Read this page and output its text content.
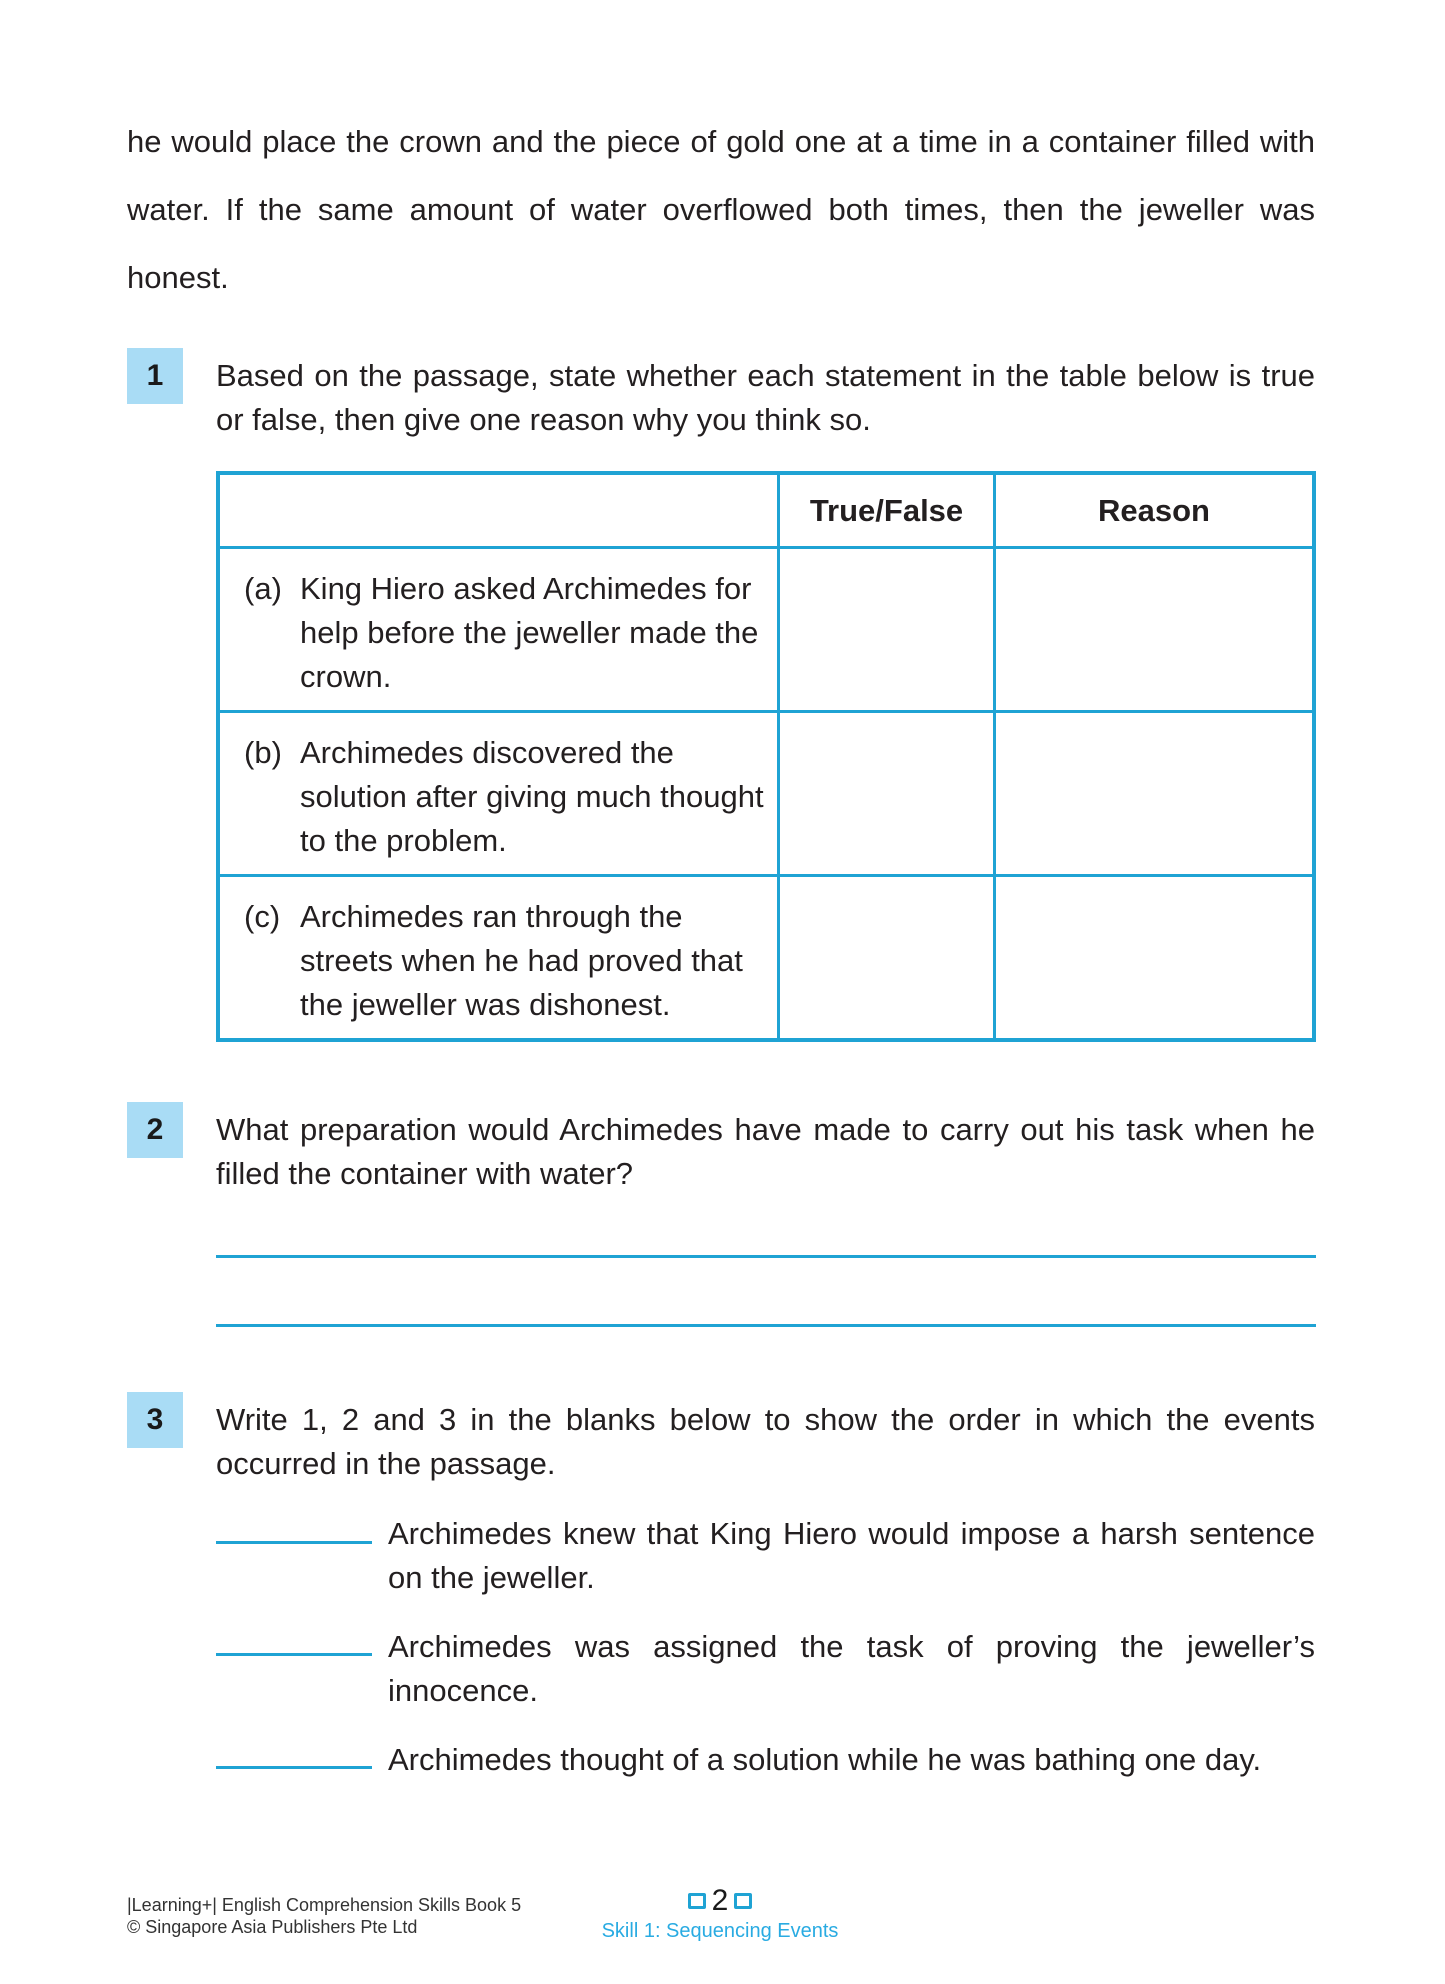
he would place the crown and the piece of gold one at a time in a container filled with water. If the same amount of water overflowed both times, then the jeweller was honest.
1	Based on the passage, state whether each statement in the table below is true or false, then give one reason why you think so.
	True/False	Reason

(a) King Hiero asked Archimedes for help before the jeweller made the crown.		

(b) Archimedes discovered the solution after giving much thought to the problem.		

(c) Archimedes ran through the streets when he had proved that the jeweller was dishonest.		

2	What preparation would Archimedes have made to carry out his task when he filled the container with water?
3	Write 1, 2 and 3 in the blanks below to show the order in which the events occurred in the passage.
Archimedes knew that King Hiero would impose a harsh sentence on the jeweller.
Archimedes was assigned the task of proving the jeweller’s innocence.
Archimedes thought of a solution while he was bathing one day.
|Learning+| English Comprehension Skills Book 5
© Singapore Asia Publishers Pte Ltd
2
Skill 1: Sequencing Events
